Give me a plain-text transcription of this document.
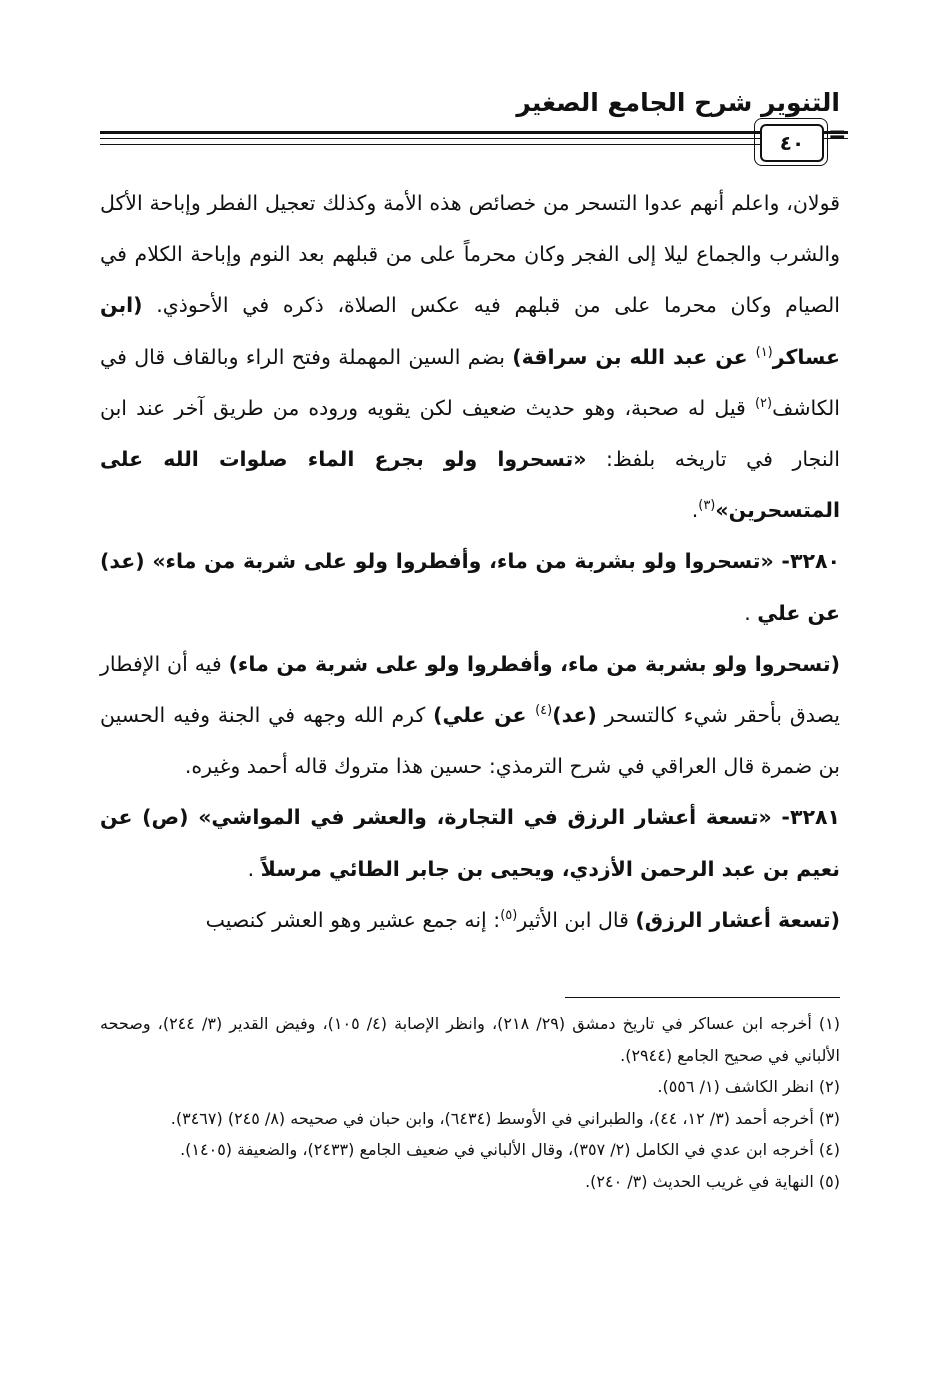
التنوير شرح الجامع الصغير
٤٠	=

قولان، واعلم أنهم عدوا التسحر من خصائص هذه الأمة وكذلك تعجيل الفطر وإباحة الأكل والشرب والجماع ليلا إلى الفجر وكان محرماً على من قبلهم بعد النوم وإباحة الكلام في الصيام وكان محرما على من قبلهم فيه عكس الصلاة، ذكره في الأحوذي. (ابن عساكر$^{(١)}$ عن عبد الله بن سراقة) بضم السين المهملة وفتح الراء وبالقاف قال في الكاشف$^{(٢)}$ قيل له صحبة، وهو حديث ضعيف لكن يقويه وروده من طريق آخر عند ابن النجار في تاريخه بلفظ: «تسحروا ولو بجرع الماء صلوات الله على المتسحرين»$^{(٣)}$.

٣٢٨٠- «تسحروا ولو بشربة من ماء، وأفطروا ولو على شربة من ماء» (عد) عن علي .

(تسحروا ولو بشربة من ماء، وأفطروا ولو على شربة من ماء) فيه أن الإفطار يصدق بأحقر شيء كالتسحر (عد)$^{(٤)}$ عن علي) كرم الله وجهه في الجنة وفيه الحسين بن ضمرة قال العراقي في شرح الترمذي: حسين هذا متروك قاله أحمد وغيره.

٣٢٨١- «تسعة أعشار الرزق في التجارة، والعشر في المواشي» (ص) عن نعيم بن عبد الرحمن الأزدي، ويحيى بن جابر الطائي مرسلاً .

(تسعة أعشار الرزق) قال ابن الأثير$^{(٥)}$: إنه جمع عشير وهو العشر كنصيب

(١) أخرجه ابن عساكر في تاريخ دمشق (٢٩/ ٢١٨)، وانظر الإصابة (٤/ ١٠٥)، وفيض القدير (٣/ ٢٤٤)، وصححه الألباني في صحيح الجامع (٢٩٤٤).

(٢) انظر الكاشف (١/ ٥٥٦).

(٣) أخرجه أحمد (٣/ ١٢، ٤٤)، والطبراني في الأوسط (٦٤٣٤)، وابن حبان في صحيحه (٨/ ٢٤٥) (٣٤٦٧).

(٤) أخرجه ابن عدي في الكامل (٢/ ٣٥٧)، وقال الألباني في ضعيف الجامع (٢٤٣٣)، والضعيفة (١٤٠٥).

(٥) النهاية في غريب الحديث (٣/ ٢٤٠).
